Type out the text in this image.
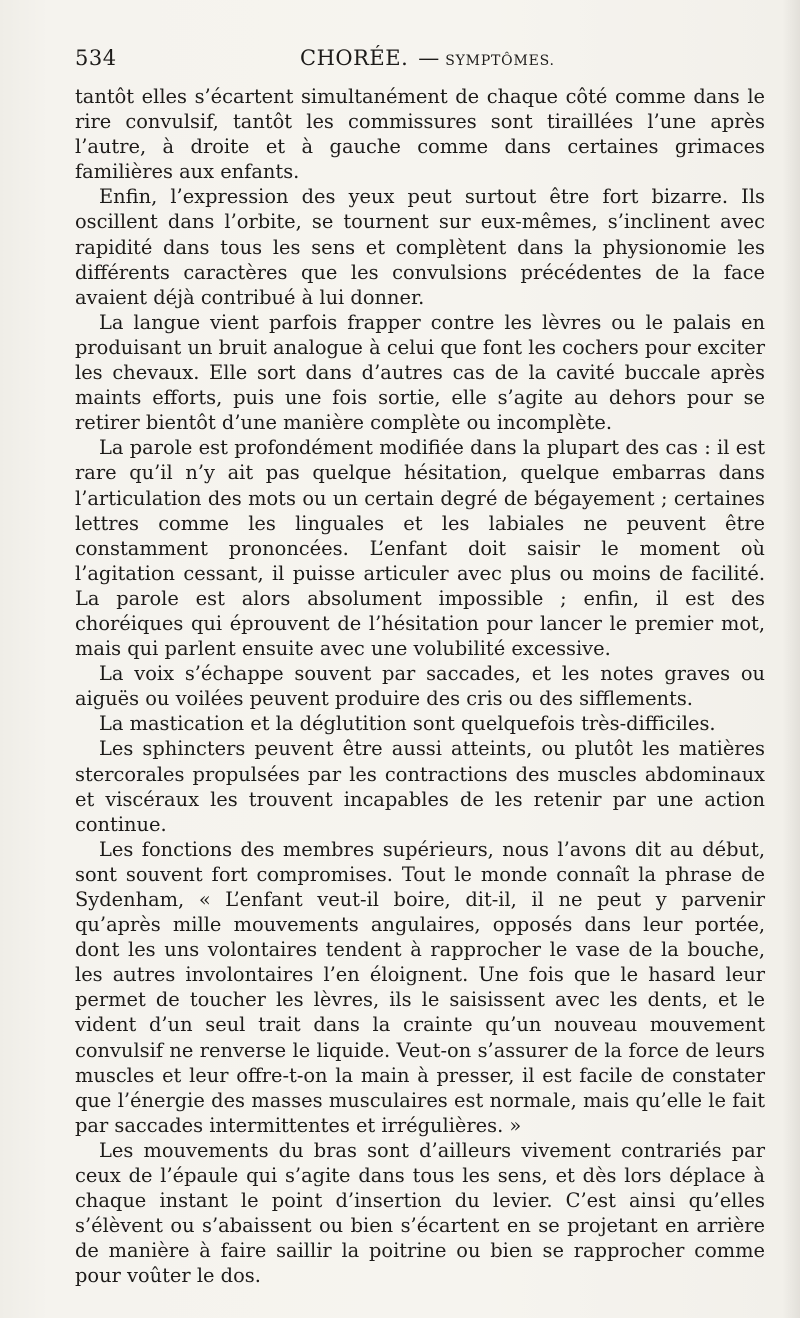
534	CHORÉE. — SYMPTÔMES.

tantôt elles s’écartent simultanément de chaque côté comme dans le rire convulsif, tantôt les commissures sont tiraillées l’une après l’autre, à droite et à gauche comme dans certaines grimaces familières aux enfants.

Enfin, l’expression des yeux peut surtout être fort bizarre. Ils oscillent dans l’orbite, se tournent sur eux-mêmes, s’inclinent avec rapidité dans tous les sens et complètent dans la physionomie les différents caractères que les convulsions précédentes de la face avaient déjà contribué à lui donner.

La langue vient parfois frapper contre les lèvres ou le palais en produisant un bruit analogue à celui que font les cochers pour exciter les chevaux. Elle sort dans d’autres cas de la cavité buccale après maints efforts, puis une fois sortie, elle s’agite au dehors pour se retirer bientôt d’une manière complète ou incomplète.

La parole est profondément modifiée dans la plupart des cas : il est rare qu’il n’y ait pas quelque hésitation, quelque embarras dans l’articulation des mots ou un certain degré de bégayement ; certaines lettres comme les linguales et les labiales ne peuvent être constamment prononcées. L’enfant doit saisir le moment où l’agitation cessant, il puisse articuler avec plus ou moins de facilité. La parole est alors absolument impossible ; enfin, il est des choréiques qui éprouvent de l’hésitation pour lancer le premier mot, mais qui parlent ensuite avec une volubilité excessive.

La voix s’échappe souvent par saccades, et les notes graves ou aiguës ou voilées peuvent produire des cris ou des sifflements.

La mastication et la déglutition sont quelquefois très-difficiles.

Les sphincters peuvent être aussi atteints, ou plutôt les matières stercorales propulsées par les contractions des muscles abdominaux et viscéraux les trouvent incapables de les retenir par une action continue.

Les fonctions des membres supérieurs, nous l’avons dit au début, sont souvent fort compromises. Tout le monde connaît la phrase de Sydenham, « L’enfant veut-il boire, dit-il, il ne peut y parvenir qu’après mille mouvements angulaires, opposés dans leur portée, dont les uns volontaires tendent à rapprocher le vase de la bouche, les autres involontaires l’en éloignent. Une fois que le hasard leur permet de toucher les lèvres, ils le saisissent avec les dents, et le vident d’un seul trait dans la crainte qu’un nouveau mouvement convulsif ne renverse le liquide. Veut-on s’assurer de la force de leurs muscles et leur offre-t-on la main à presser, il est facile de constater que l’énergie des masses musculaires est normale, mais qu’elle le fait par saccades intermittentes et irrégulières. »

Les mouvements du bras sont d’ailleurs vivement contrariés par ceux de l’épaule qui s’agite dans tous les sens, et dès lors déplace à chaque instant le point d’insertion du levier. C’est ainsi qu’elles s’élèvent ou s’abaissent ou bien s’écartent en se projetant en arrière de manière à faire saillir la poitrine ou bien se rapprocher comme pour voûter le dos.
